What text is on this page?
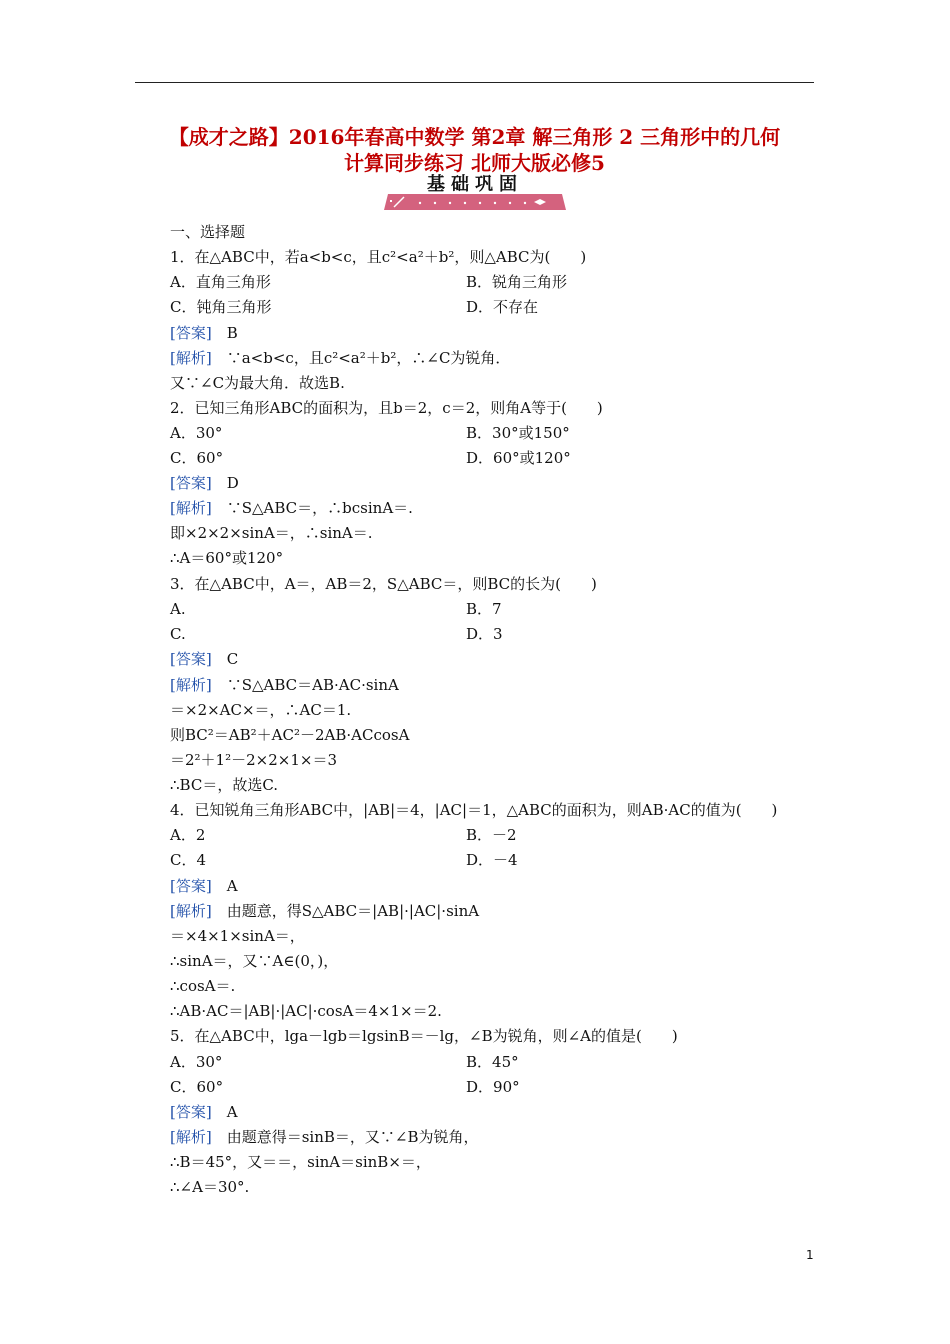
【成才之路】2016年春高中数学 第2章 解三角形 2 三角形中的几何
计算同步练习 北师大版必修5
基础巩固
一、选择题
1．在△ABC中，若a<b<c，且c²<a²＋b²，则△ABC为(　　)
A．直角三角形	B．锐角三角形
C．钝角三角形	D．不存在
[答案]　 B
[解析]　 ∵a<b<c，且c²<a²＋b²，∴∠C为锐角．
又∵∠C为最大角．故选B.
2．已知三角形ABC的面积为，且b＝2，c＝2，则角A等于(　　)
A．30°	B．30°或150°
C．60°	D．60°或120°
[答案]　 D
[解析]　 ∵S△ABC＝，∴bcsinA＝.
即×2×2×sinA＝，∴sinA＝.
∴A＝60°或120°
3．在△ABC中，A＝，AB＝2，S△ABC＝，则BC的长为(　　)
A.	B．7
C.	D．3
[答案]　 C
[解析]　 ∵S△ABC＝AB·AC·sinA
＝×2×AC×＝，∴AC＝1.
则BC²＝AB²＋AC²－2AB·ACcosA
＝2²＋1²－2×2×1×＝3
∴BC＝，故选C.
4．已知锐角三角形ABC中，|AB|＝4，|AC|＝1，△ABC的面积为，则AB·AC的值为(　　)
A．2	B．－2
C．4	D．－4
[答案]　 A
[解析]　 由题意，得S△ABC＝|AB|·|AC|·sinA
＝×4×1×sinA＝，
∴sinA＝，又∵A∈(0，)，
∴cosA＝.
∴AB·AC＝|AB|·|AC|·cosA＝4×1×＝2.
5．在△ABC中，lga－lgb＝lgsinB＝－lg，∠B为锐角，则∠A的值是(　　)
A．30°	B．45°
C．60°	D．90°
[答案]　 A
[解析]　 由题意得＝sinB＝，又∵∠B为锐角，
∴B＝45°，又＝＝，sinA＝sinB×＝，
∴∠A＝30°.
1
